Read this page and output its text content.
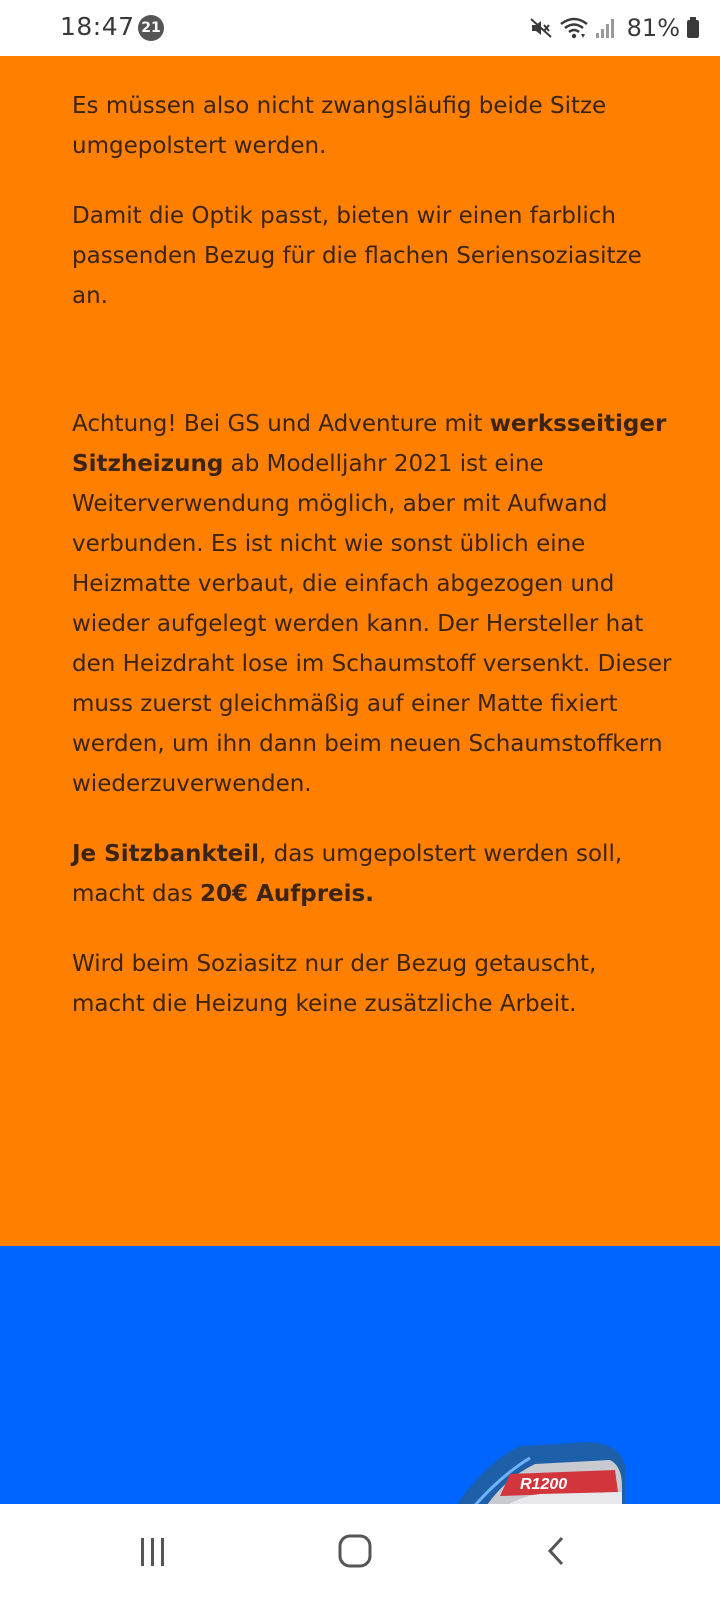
18:47 21	81%

Es müssen also nicht zwangsläufig beide Sitze umgepolstert werden.

Damit die Optik passt, bieten wir einen farblich passenden Bezug für die flachen Seriensoziasitze an.

Achtung! Bei GS und Adventure mit werksseitiger Sitzheizung ab Modelljahr 2021 ist eine Weiterverwendung möglich, aber mit Aufwand verbunden. Es ist nicht wie sonst üblich eine Heizmatte verbaut, die einfach abgezogen und wieder aufgelegt werden kann. Der Hersteller hat den Heizdraht lose im Schaumstoff versenkt. Dieser muss zuerst gleichmäßig auf einer Matte fixiert werden, um ihn dann beim neuen Schaumstoffkern wiederzuverwenden.

Je Sitzbankteil, das umgepolstert werden soll, macht das 20€ Aufpreis.

Wird beim Soziasitz nur der Bezug getauscht, macht die Heizung keine zusätzliche Arbeit.

R1200
